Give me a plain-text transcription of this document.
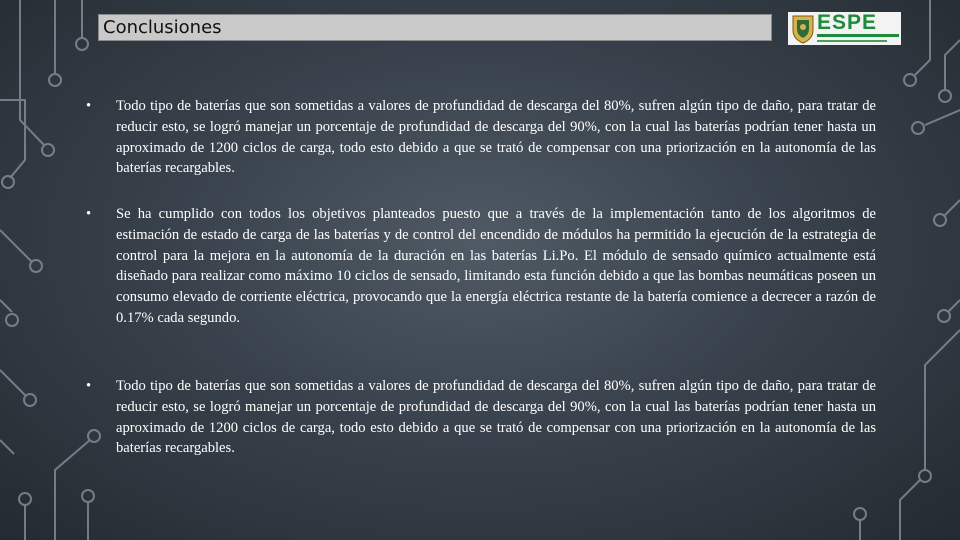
Conclusiones	ESPE
• Todo tipo de baterías que son sometidas a valores de profundidad de descarga del 80%, sufren algún tipo de daño, para tratar de reducir esto, se logró manejar un porcentaje de profundidad de descarga del 90%, con la cual las baterías podrían tener hasta un aproximado de 1200 ciclos de carga, todo esto debido a que se trató de compensar con una priorización en la autonomía de las baterías recargables.
• Se ha cumplido con todos los objetivos planteados puesto que a través de la implementación tanto de los algoritmos de estimación de estado de carga de las baterías y de control del encendido de módulos ha permitido la ejecución de la estrategia de control para la mejora en la autonomía de la duración en las baterías Li.Po. El módulo de sensado químico actualmente está diseñado para realizar como máximo 10 ciclos de sensado, limitando esta función debido a que las bombas neumáticas poseen un consumo elevado de corriente eléctrica, provocando que la energía eléctrica restante de la batería comience a decrecer a razón de 0.17% cada segundo.
• Todo tipo de baterías que son sometidas a valores de profundidad de descarga del 80%, sufren algún tipo de daño, para tratar de reducir esto, se logró manejar un porcentaje de profundidad de descarga del 90%, con la cual las baterías podrían tener hasta un aproximado de 1200 ciclos de carga, todo esto debido a que se trató de compensar con una priorización en la autonomía de las baterías recargables.
